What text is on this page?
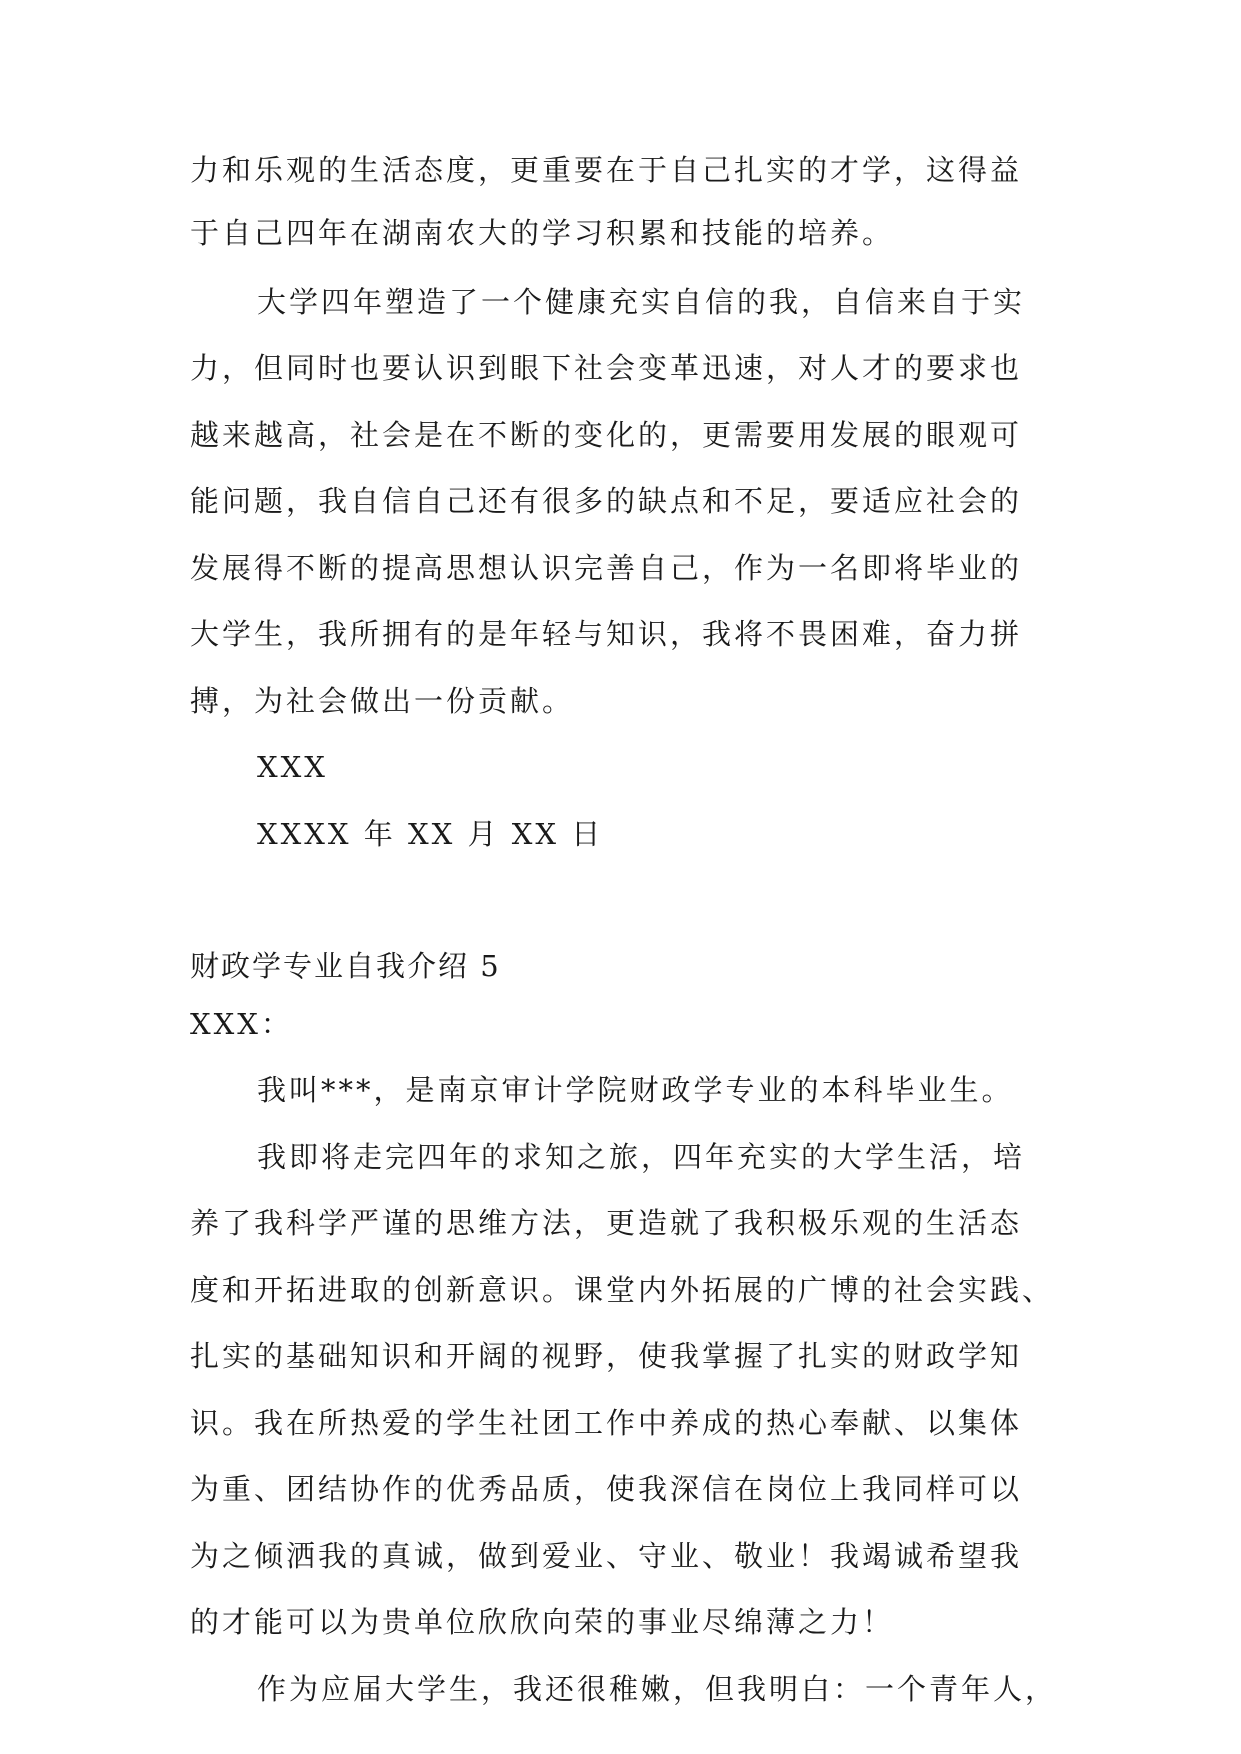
力和乐观的生活态度，更重要在于自己扎实的才学，这得益

于自己四年在湖南农大的学习积累和技能的培养。

大学四年塑造了一个健康充实自信的我，自信来自于实

力，但同时也要认识到眼下社会变革迅速，对人才的要求也

越来越高，社会是在不断的变化的，更需要用发展的眼观可

能问题，我自信自己还有很多的缺点和不足，要适应社会的

发展得不断的提高思想认识完善自己，作为一名即将毕业的

大学生，我所拥有的是年轻与知识，我将不畏困难，奋力拼

搏，为社会做出一份贡献。

XXX

XXXX 年 XX 月 XX 日

财政学专业自我介绍 5

XXX：

我叫***，是南京审计学院财政学专业的本科毕业生。

我即将走完四年的求知之旅，四年充实的大学生活，培

养了我科学严谨的思维方法，更造就了我积极乐观的生活态

度和开拓进取的创新意识。课堂内外拓展的广博的社会实践、

扎实的基础知识和开阔的视野，使我掌握了扎实的财政学知

识。我在所热爱的学生社团工作中养成的热心奉献、以集体

为重、团结协作的优秀品质，使我深信在岗位上我同样可以

为之倾洒我的真诚，做到爱业、守业、敬业！我竭诚希望我

的才能可以为贵单位欣欣向荣的事业尽绵薄之力！

作为应届大学生，我还很稚嫩，但我明白：一个青年人，
